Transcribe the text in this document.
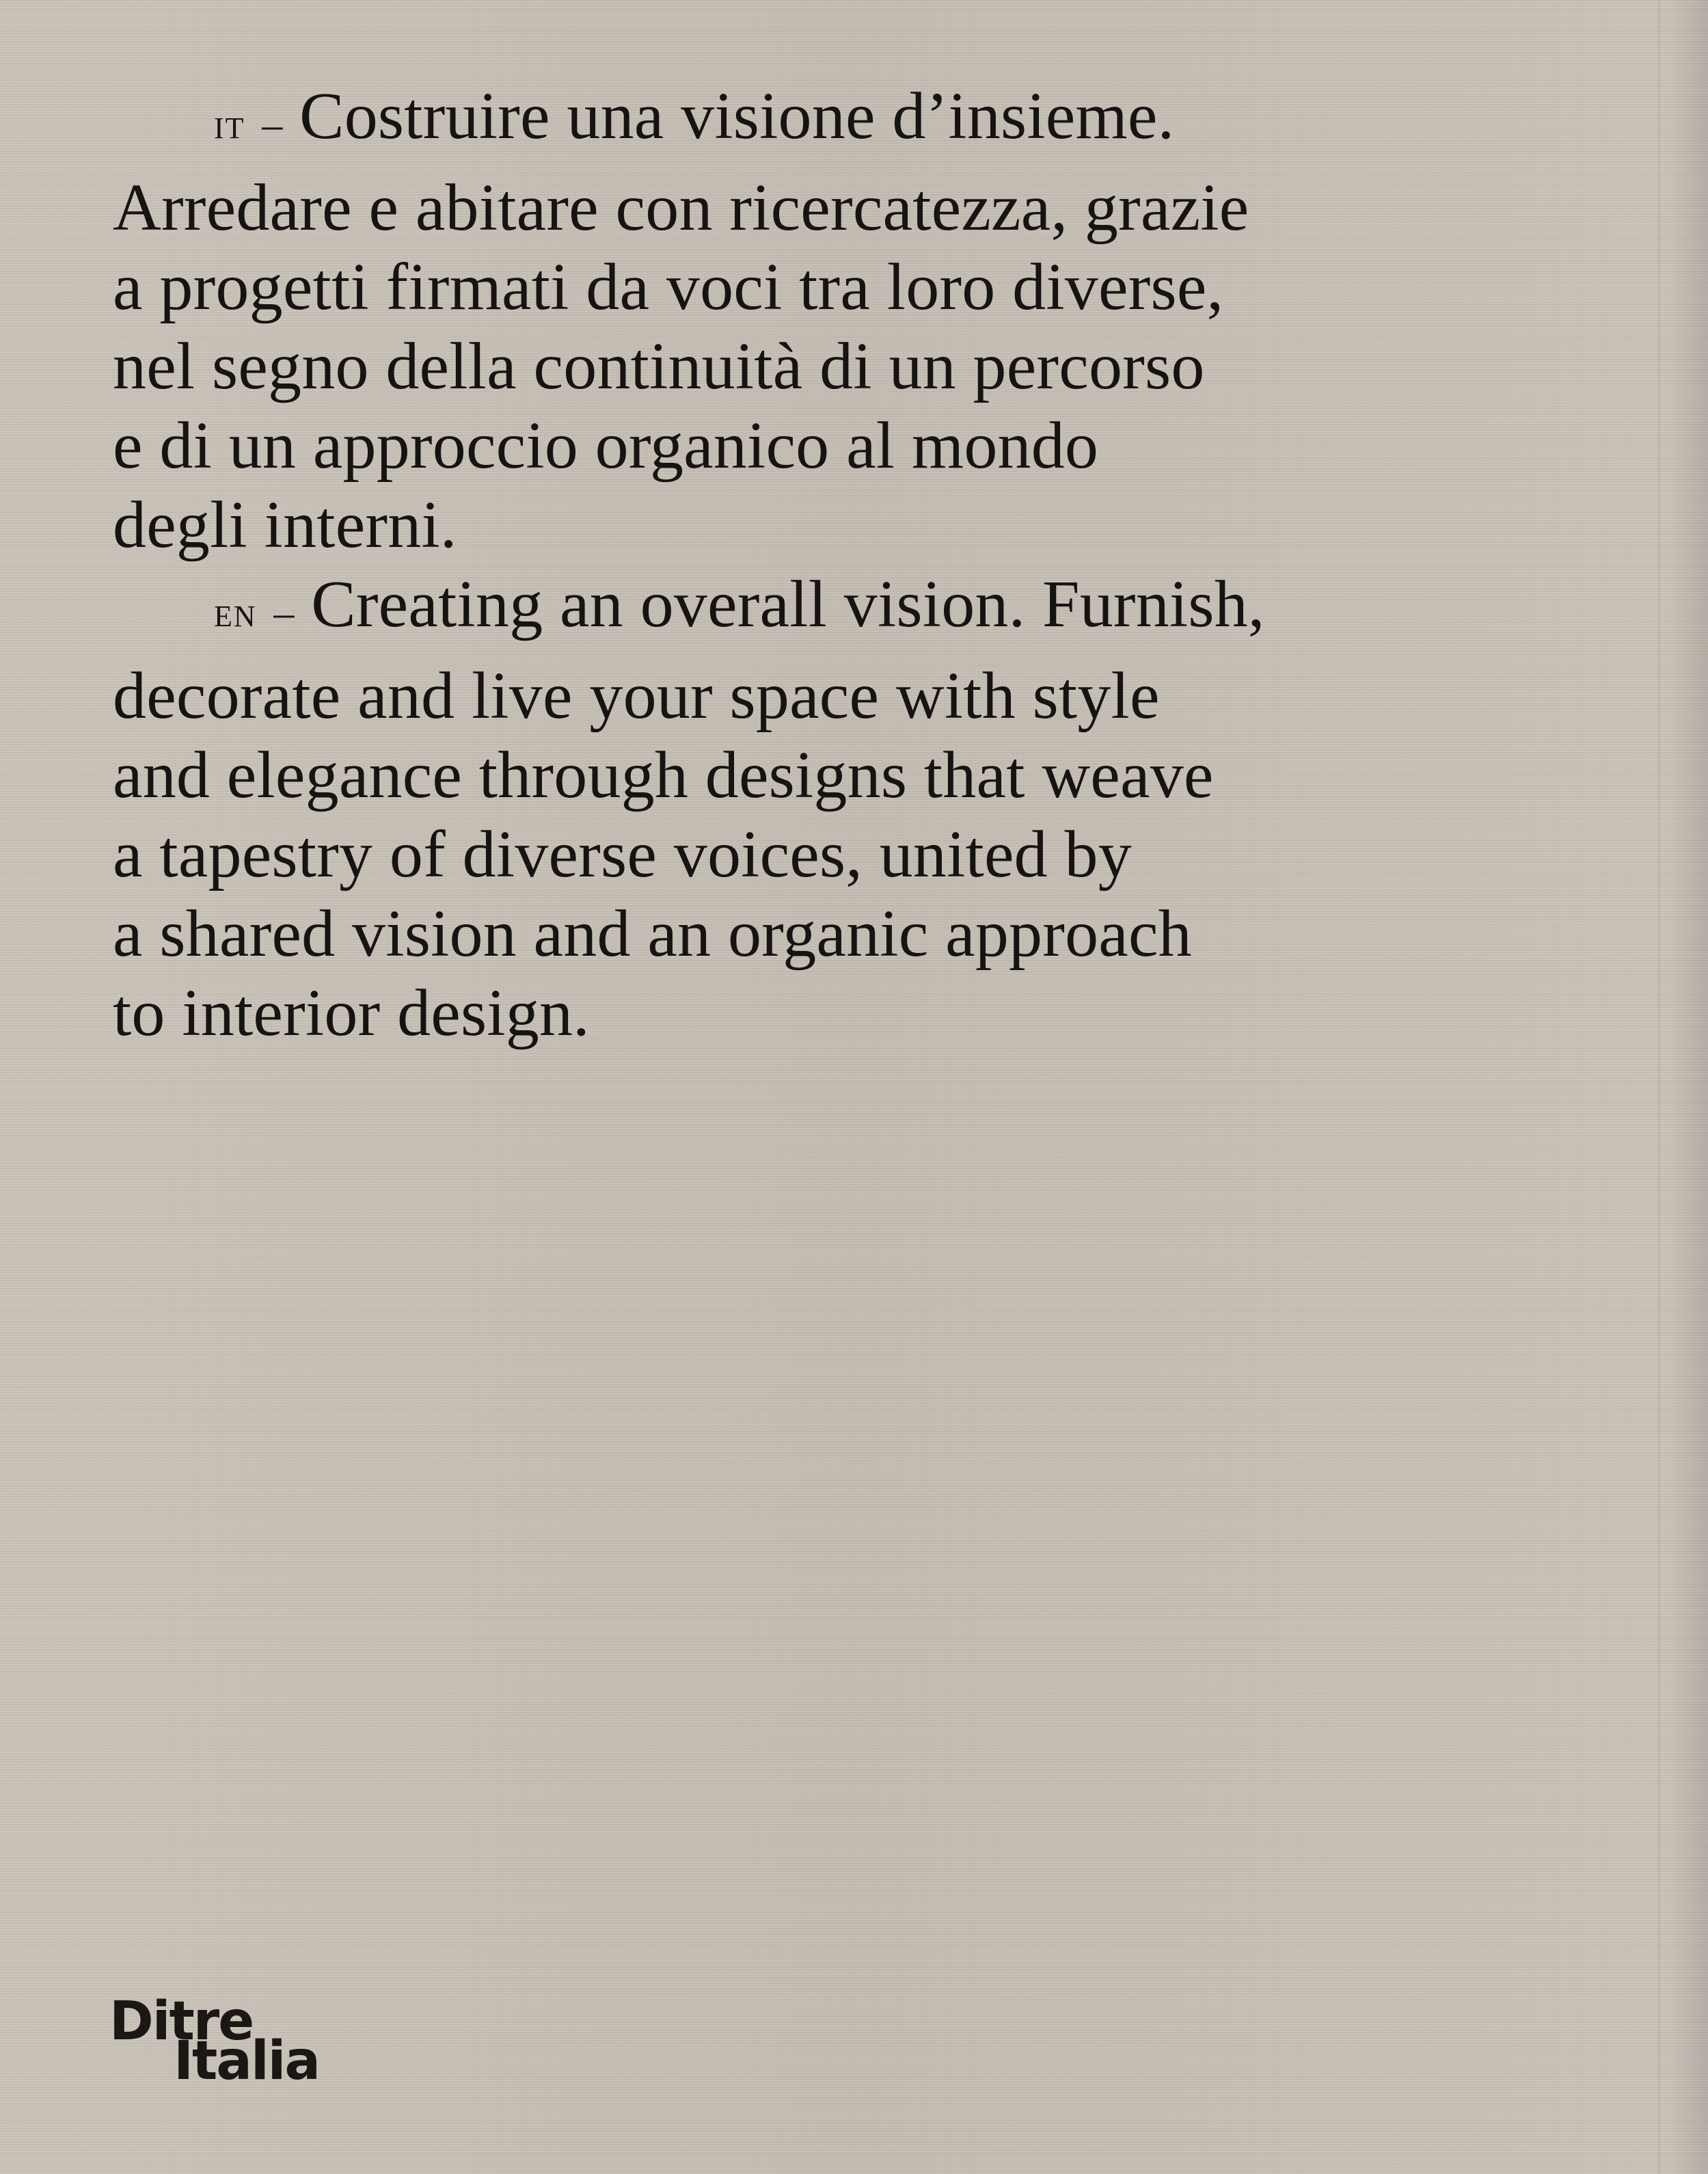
IT – Costruire una visione d’insieme.
Arredare e abitare con ricercatezza, grazie
a progetti firmati da voci tra loro diverse,
nel segno della continuità di un percorso
e di un approccio organico al mondo
degli interni.

EN – Creating an overall vision. Furnish,
decorate and live your space with style
and elegance through designs that weave
a tapestry of diverse voices, united by
a shared vision and an organic approach
to interior design.

Ditre
Italia
